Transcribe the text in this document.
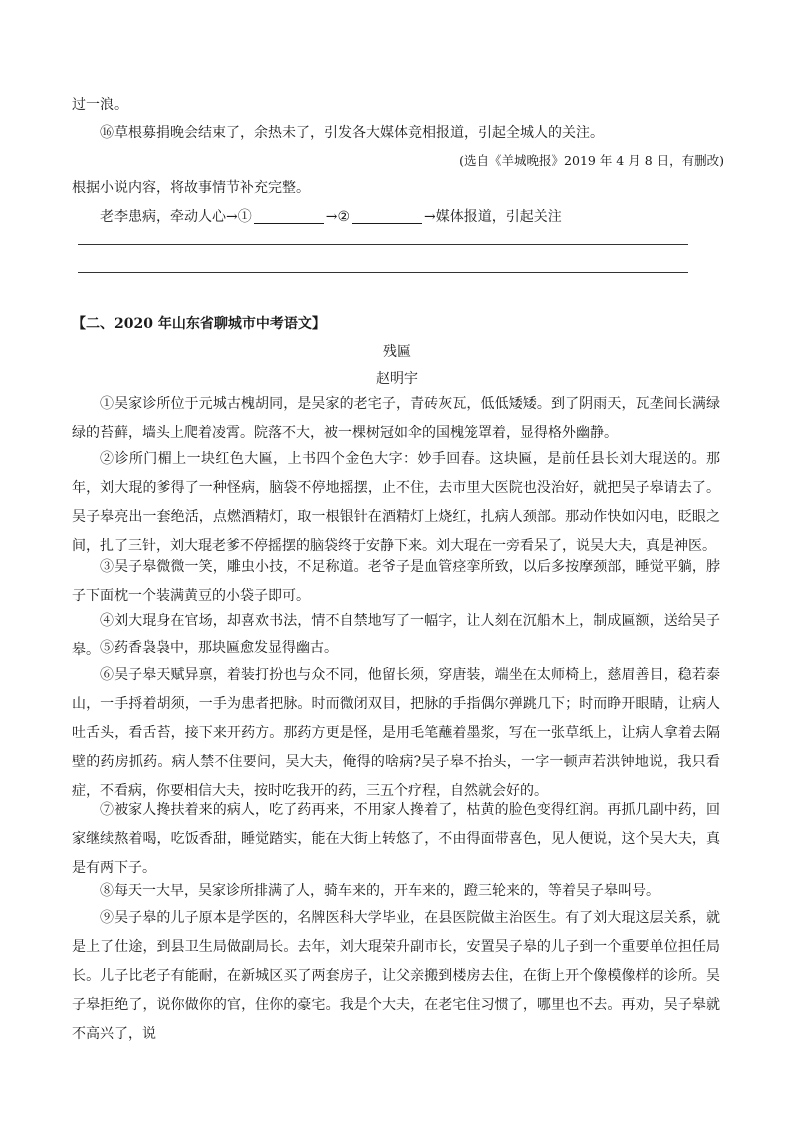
过一浪。
⑯草根募捐晚会结束了，余热未了，引发各大媒体竞相报道，引起全城人的关注。
(选自《羊城晚报》2019 年 4 月 8 日，有删改)
根据小说内容，将故事情节补充完整。
老李患病，牵动人心→①	→②	→媒体报道，引起关注
【二、2020 年山东省聊城市中考语文】
残匾
赵明宇
①吴家诊所位于元城古槐胡同，是吴家的老宅子，青砖灰瓦，低低矮矮。到了阴雨天，瓦垄间长满绿绿的苔藓，墙头上爬着凌霄。院落不大，被一棵树冠如伞的国槐笼罩着，显得格外幽静。
②诊所门楣上一块红色大匾，上书四个金色大字：妙手回春。这块匾，是前任县长刘大琨送的。那年，刘大琨的爹得了一种怪病，脑袋不停地摇摆，止不住，去市里大医院也没治好，就把吴子皋请去了。吴子皋亮出一套绝活，点燃酒精灯，取一根银针在酒精灯上烧红，扎病人颈部。那动作快如闪电，眨眼之间，扎了三针，刘大琨老爹不停摇摆的脑袋终于安静下来。刘大琨在一旁看呆了，说吴大夫，真是神医。
③吴子皋微微一笑，雕虫小技，不足称道。老爷子是血管痉挛所致，以后多按摩颈部，睡觉平躺，脖子下面枕一个装满黄豆的小袋子即可。
④刘大琨身在官场，却喜欢书法，情不自禁地写了一幅字，让人刻在沉船木上，制成匾额，送给吴子皋。 ⑤药香袅袅中，那块匾愈发显得幽古。
⑥吴子皋天赋异禀，着装打扮也与众不同，他留长须，穿唐装，端坐在太师椅上，慈眉善目，稳若泰山，一手捋着胡须，一手为患者把脉。时而微闭双目，把脉的手指偶尔弹跳几下；时而睁开眼睛，让病人吐舌头，看舌苔，接下来开药方。那药方更是怪，是用毛笔蘸着墨浆，写在一张草纸上，让病人拿着去隔壁的药房抓药。病人禁不住要问，吴大夫，俺得的啥病?吴子皋不抬头，一字一顿声若洪钟地说，我只看症，不看病，你要相信大夫，按时吃我开的药，三五个疗程，自然就会好的。
⑦被家人搀扶着来的病人，吃了药再来，不用家人搀着了，枯黄的脸色变得红润。再抓几副中药，回家继续熬着喝，吃饭香甜，睡觉踏实，能在大街上转悠了，不由得面带喜色，见人便说，这个吴大夫，真是有两下子。
⑧每天一大早，吴家诊所排满了人，骑车来的，开车来的，蹬三轮来的，等着吴子皋叫号。
⑨吴子皋的儿子原本是学医的，名牌医科大学毕业，在县医院做主治医生。有了刘大琨这层关系，就是上了仕途，到县卫生局做副局长。去年，刘大琨荣升副市长，安置吴子皋的儿子到一个重要单位担任局长。儿子比老子有能耐，在新城区买了两套房子，让父亲搬到楼房去住，在街上开个像模像样的诊所。吴子皋拒绝了，说你做你的官，住你的豪宅。我是个大夫，在老宅住习惯了，哪里也不去。再劝，吴子皋就不高兴了，说
